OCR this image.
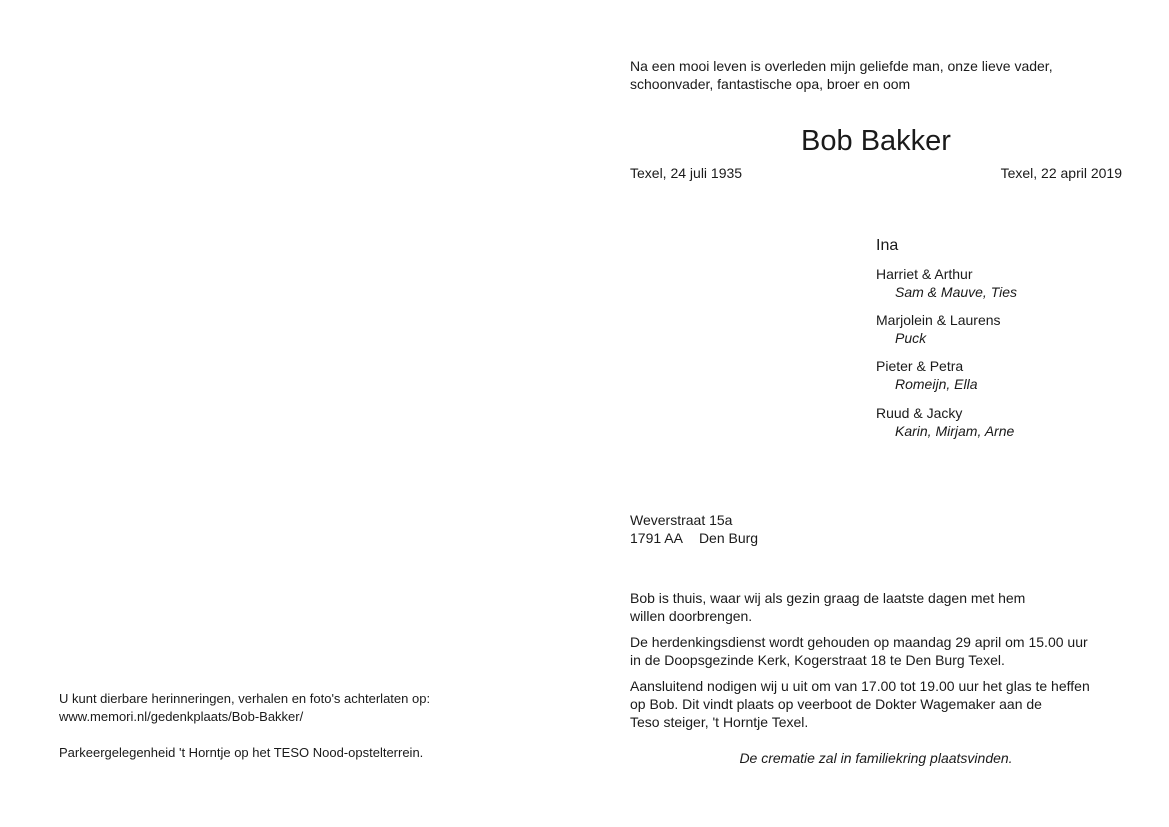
Na een mooi leven is overleden mijn geliefde man, onze lieve vader,
schoonvader, fantastische opa, broer en oom
Bob Bakker
Texel, 24 juli 1935	Texel, 22 april 2019
Ina
Harriet & Arthur
Sam & Mauve, Ties
Marjolein & Laurens
Puck
Pieter & Petra
Romeijn, Ella
Ruud & Jacky
Karin, Mirjam, Arne
Weverstraat 15a
1791 AA Den Burg
Bob is thuis, waar wij als gezin graag de laatste dagen met hem
willen doorbrengen.
De herdenkingsdienst wordt gehouden op maandag 29 april om 15.00 uur
in de Doopsgezinde Kerk, Kogerstraat 18 te Den Burg Texel.
Aansluitend nodigen wij u uit om van 17.00 tot 19.00 uur het glas te heffen
op Bob. Dit vindt plaats op veerboot de Dokter Wagemaker aan de
Teso steiger, 't Horntje Texel.
De crematie zal in familiekring plaatsvinden.
U kunt dierbare herinneringen, verhalen en foto's achterlaten op:
www.memori.nl/gedenkplaats/Bob-Bakker/
Parkeergelegenheid 't Horntje op het TESO Nood-opstelterrein.
